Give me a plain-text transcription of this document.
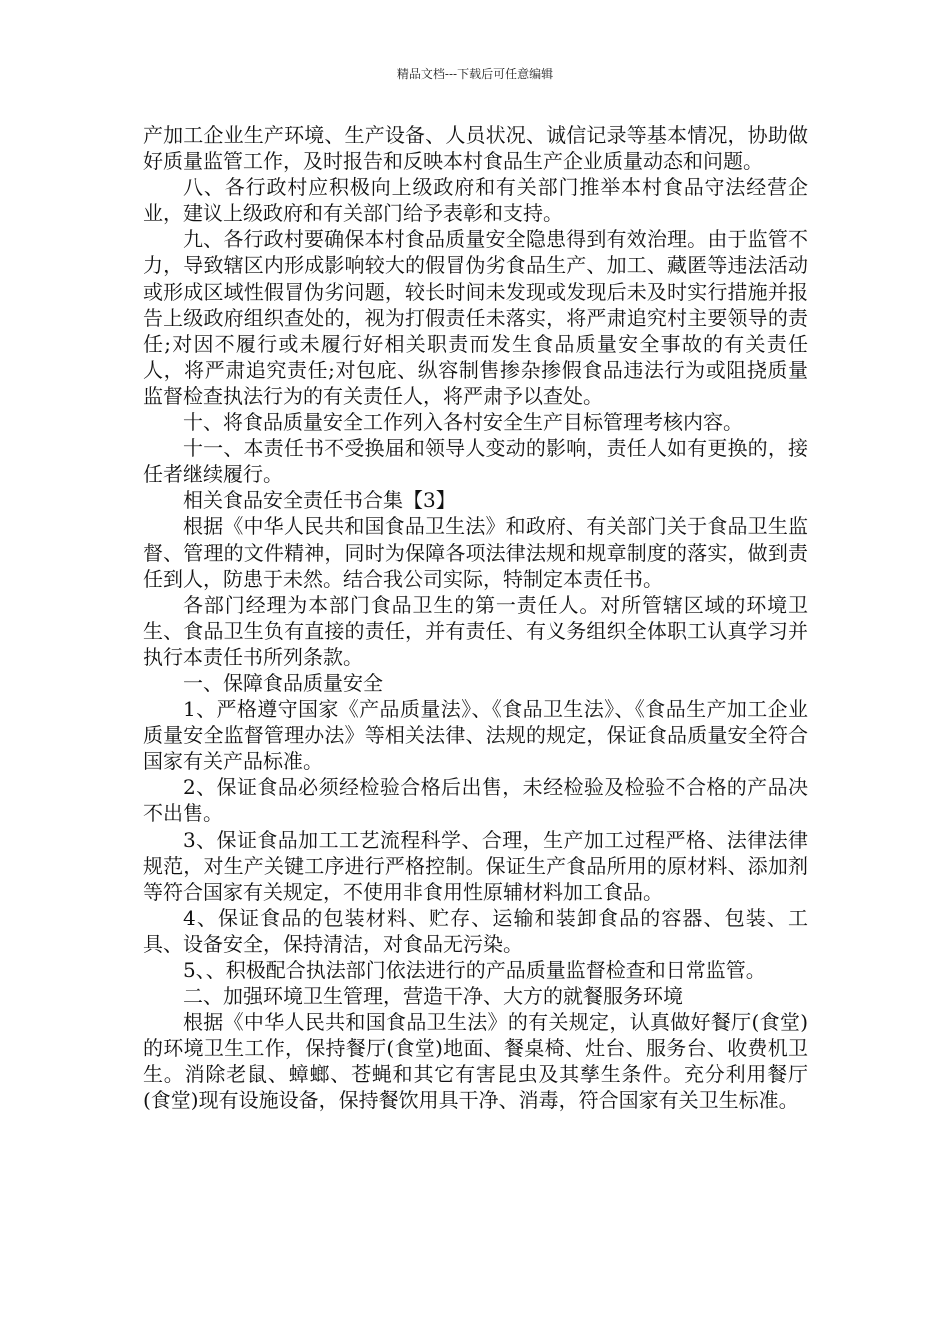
精品文档---下载后可任意编辑

产加工企业生产环境、生产设备、人员状况、诚信记录等基本情况，协助做好质量监管工作，及时报告和反映本村食品生产企业质量动态和问题。

八、各行政村应积极向上级政府和有关部门推举本村食品守法经营企业，建议上级政府和有关部门给予表彰和支持。

九、各行政村要确保本村食品质量安全隐患得到有效治理。由于监管不力，导致辖区内形成影响较大的假冒伪劣食品生产、加工、藏匿等违法活动或形成区域性假冒伪劣问题，较长时间未发现或发现后未及时实行措施并报告上级政府组织查处的，视为打假责任未落实，将严肃追究村主要领导的责任;对因不履行或未履行好相关职责而发生食品质量安全事故的有关责任人，将严肃追究责任;对包庇、纵容制售掺杂掺假食品违法行为或阻挠质量监督检查执法行为的有关责任人，将严肃予以查处。

十、将食品质量安全工作列入各村安全生产目标管理考核内容。

十一、本责任书不受换届和领导人变动的影响，责任人如有更换的，接任者继续履行。

相关食品安全责任书合集【3】

根据《中华人民共和国食品卫生法》和政府、有关部门关于食品卫生监督、管理的文件精神，同时为保障各项法律法规和规章制度的落实，做到责任到人，防患于未然。结合我公司实际，特制定本责任书。

各部门经理为本部门食品卫生的第一责任人。对所管辖区域的环境卫生、食品卫生负有直接的责任，并有责任、有义务组织全体职工认真学习并执行本责任书所列条款。

一、保障食品质量安全

1、严格遵守国家《产品质量法》、《食品卫生法》、《食品生产加工企业质量安全监督管理办法》等相关法律、法规的规定，保证食品质量安全符合国家有关产品标准。

2、保证食品必须经检验合格后出售，未经检验及检验不合格的产品决不出售。

3、保证食品加工工艺流程科学、合理，生产加工过程严格、法律法律规范，对生产关键工序进行严格控制。保证生产食品所用的原材料、添加剂等符合国家有关规定，不使用非食用性原辅材料加工食品。

4、保证食品的包装材料、贮存、运输和装卸食品的容器、包装、工具、设备安全，保持清洁，对食品无污染。

5、、积极配合执法部门依法进行的产品质量监督检查和日常监管。

二、加强环境卫生管理，营造干净、大方的就餐服务环境

根据《中华人民共和国食品卫生法》的有关规定，认真做好餐厅(食堂)的环境卫生工作，保持餐厅(食堂)地面、餐桌椅、灶台、服务台、收费机卫生。消除老鼠、蟑螂、苍蝇和其它有害昆虫及其孳生条件。充分利用餐厅(食堂)现有设施设备，保持餐饮用具干净、消毒，符合国家有关卫生标准。
